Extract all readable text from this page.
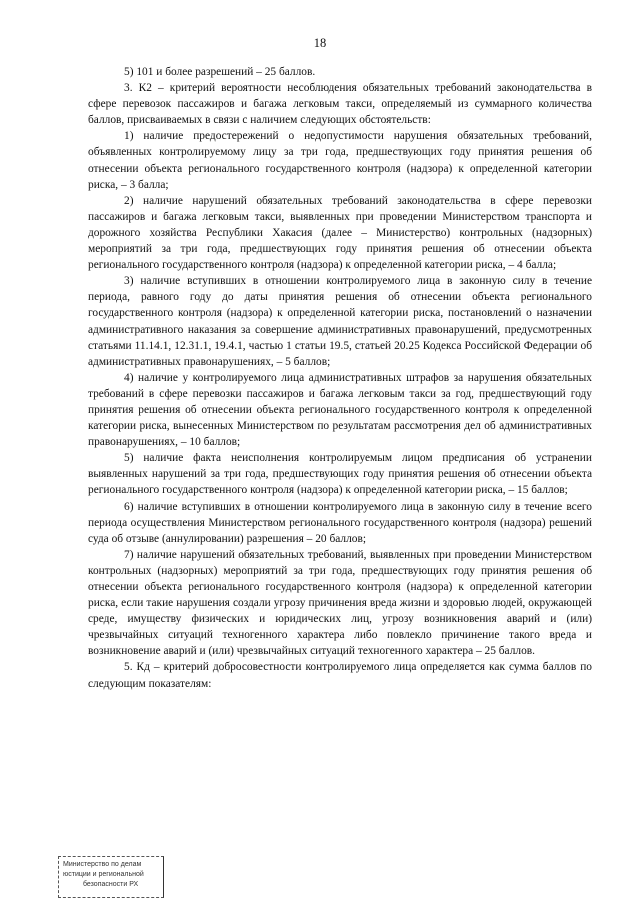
18

5) 101 и более разрешений – 25 баллов.

3. К2 – критерий вероятности несоблюдения обязательных требований законодательства в сфере перевозок пассажиров и багажа легковым такси, определяемый из суммарного количества баллов, присваиваемых в связи с наличием следующих обстоятельств:

1) наличие предостережений о недопустимости нарушения обязательных требований, объявленных контролируемому лицу за три года, предшествующих году принятия решения об отнесении объекта регионального государственного контроля (надзора) к определенной категории риска, – 3 балла;

2) наличие нарушений обязательных требований законодательства в сфере перевозки пассажиров и багажа легковым такси, выявленных при проведении Министерством транспорта и дорожного хозяйства Республики Хакасия (далее – Министерство) контрольных (надзорных) мероприятий за три года, предшествующих году принятия решения об отнесении объекта регионального государственного контроля (надзора) к определенной категории риска, – 4 балла;

3) наличие вступивших в отношении контролируемого лица в законную силу в течение периода, равного году до даты принятия решения об отнесении объекта регионального государственного контроля (надзора) к определенной категории риска, постановлений о назначении административного наказания за совершение административных правонарушений, предусмотренных статьями 11.14.1, 12.31.1, 19.4.1, частью 1 статьи 19.5, статьей 20.25 Кодекса Российской Федерации об административных правонарушениях, – 5 баллов;

4) наличие у контролируемого лица административных штрафов за нарушения обязательных требований в сфере перевозки пассажиров и багажа легковым такси за год, предшествующий году принятия решения об отнесении объекта регионального государственного контроля к определенной категории риска, вынесенных Министерством по результатам рассмотрения дел об административных правонарушениях, – 10 баллов;

5) наличие факта неисполнения контролируемым лицом предписания об устранении выявленных нарушений за три года, предшествующих году принятия решения об отнесении объекта регионального государственного контроля (надзора) к определенной категории риска, – 15 баллов;

6) наличие вступивших в отношении контролируемого лица в законную силу в течение всего периода осуществления Министерством регионального государственного контроля (надзора) решений суда об отзыве (аннулировании) разрешения – 20 баллов;

7) наличие нарушений обязательных требований, выявленных при проведении Министерством контрольных (надзорных) мероприятий за три года, предшествующих году принятия решения об отнесении объекта регионального государственного контроля (надзора) к определенной категории риска, если такие нарушения создали угрозу причинения вреда жизни и здоровью людей, окружающей среде, имуществу физических и юридических лиц, угрозу возникновения аварий и (или) чрезвычайных ситуаций техногенного характера либо повлекло причинение такого вреда и возникновение аварий и (или) чрезвычайных ситуаций техногенного характера – 25 баллов.

5. Кд – критерий добросовестности контролируемого лица определяется как сумма баллов по следующим показателям:

Министерство по делам
юстиции и региональной
безопасности РХ
